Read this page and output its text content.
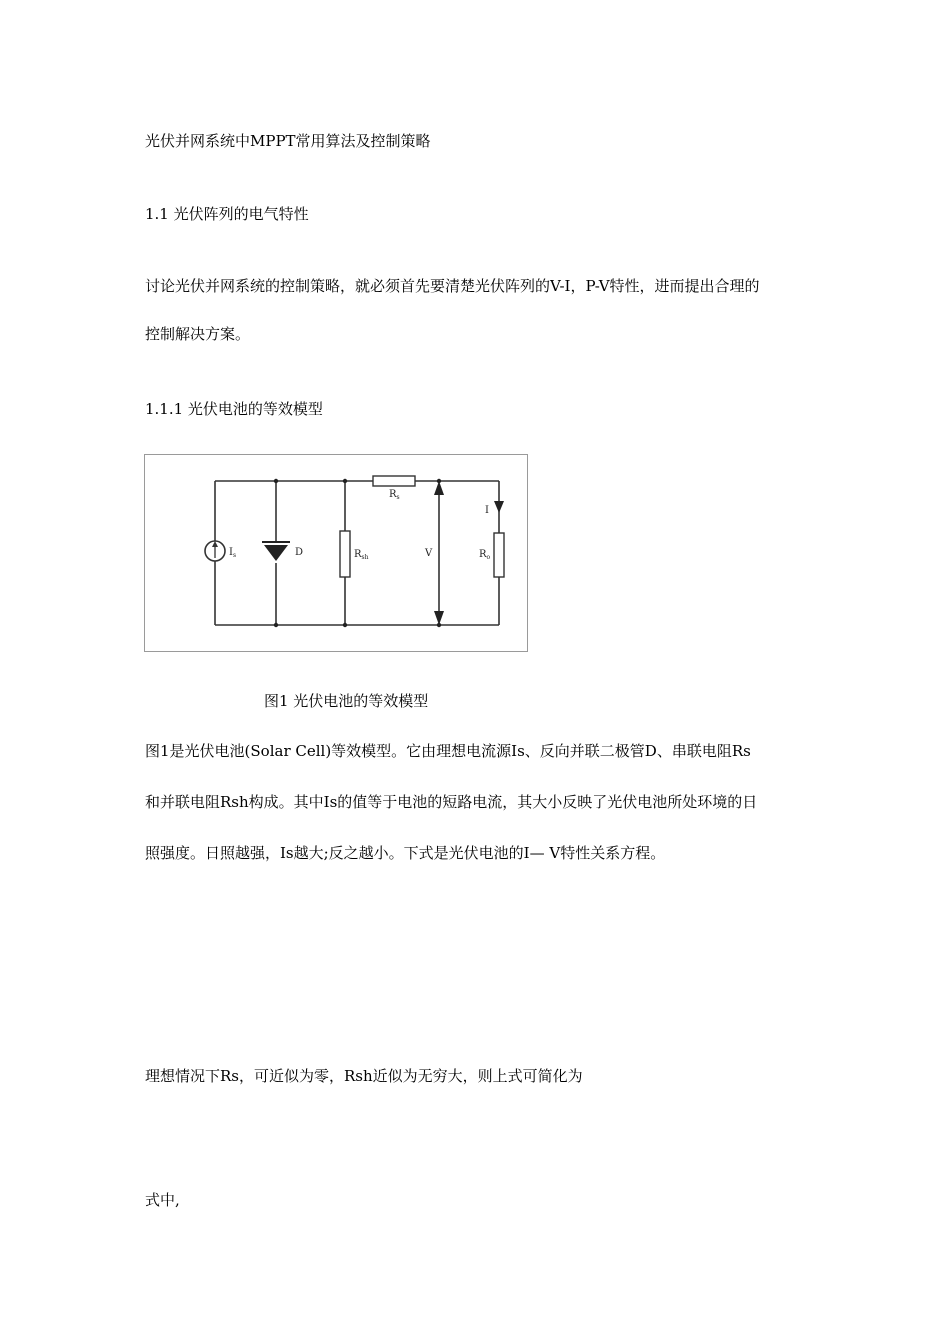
光伏并网系统中MPPT常用算法及控制策略
1.1 光伏阵列的电气特性
讨论光伏并网系统的控制策略，就必须首先要清楚光伏阵列的V-I，P-V特性，进而提出合理的
控制解决方案。
1.1.1 光伏电池的等效模型
$I_s$	D	$R_{sh}$
$R_s$
V
I
$R_o$
图1 光伏电池的等效模型
图1是光伏电池(Solar Cell)等效模型。它由理想电流源Is、反向并联二极管D、串联电阻Rs
和并联电阻Rsh构成。其中Is的值等于电池的短路电流，其大小反映了光伏电池所处环境的日
照强度。日照越强，Is越大;反之越小。下式是光伏电池的I— V特性关系方程。
理想情况下Rs，可近似为零，Rsh近似为无穷大，则上式可简化为
式中,
